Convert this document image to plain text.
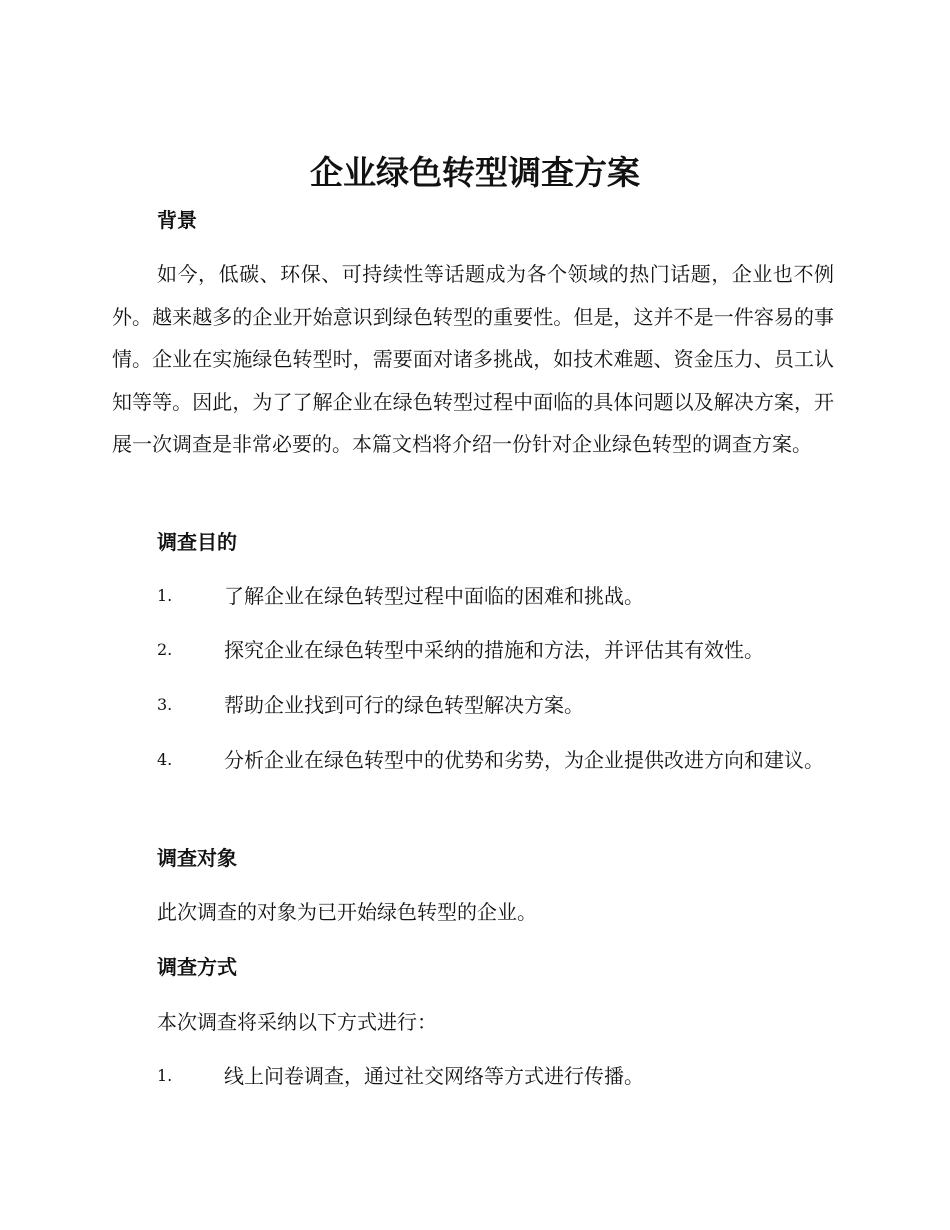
企业绿色转型调查方案
背景
如今，低碳、环保、可持续性等话题成为各个领域的热门话题，企业也不例外。越来越多的企业开始意识到绿色转型的重要性。但是，这并不是一件容易的事情。企业在实施绿色转型时，需要面对诸多挑战，如技术难题、资金压力、员工认知等等。因此，为了了解企业在绿色转型过程中面临的具体问题以及解决方案，开展一次调查是非常必要的。本篇文档将介绍一份针对企业绿色转型的调查方案。
调查目的
1.	了解企业在绿色转型过程中面临的困难和挑战。
2.	探究企业在绿色转型中采纳的措施和方法，并评估其有效性。
3.	帮助企业找到可行的绿色转型解决方案。
4.	分析企业在绿色转型中的优势和劣势，为企业提供改进方向和建议。
调查对象
此次调查的对象为已开始绿色转型的企业。
调查方式
本次调查将采纳以下方式进行：
1.	线上问卷调查，通过社交网络等方式进行传播。
